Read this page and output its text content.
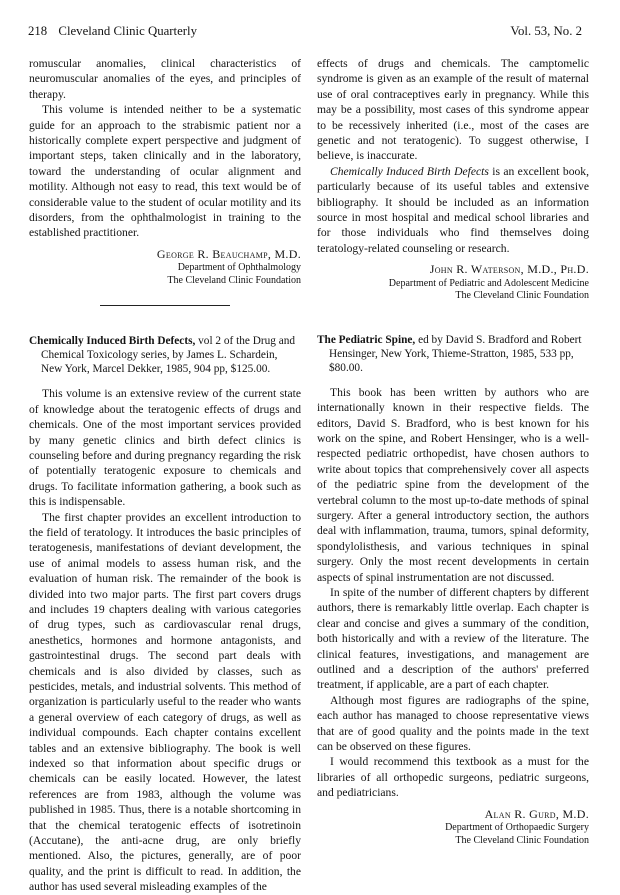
218 Cleveland Clinic Quarterly	Vol. 53, No. 2

romuscular anomalies, clinical characteristics of neuromuscular anomalies of the eyes, and principles of therapy.

This volume is intended neither to be a systematic guide for an approach to the strabismic patient nor a historically complete expert perspective and judgment of important steps, taken clinically and in the laboratory, toward the understanding of ocular alignment and motility. Although not easy to read, this text would be of considerable value to the student of ocular motility and its disorders, from the ophthalmologist in training to the established practitioner.

George R. Beauchamp, M.D.
Department of Ophthalmology
The Cleveland Clinic Foundation
Chemically Induced Birth Defects, vol 2 of the Drug and Chemical Toxicology series, by James L. Schardein, New York, Marcel Dekker, 1985, 904 pp, $125.00.

This volume is an extensive review of the current state of knowledge about the teratogenic effects of drugs and chemicals. One of the most important services provided by many genetic clinics and birth defect clinics is counseling before and during pregnancy regarding the risk of potentially teratogenic exposure to chemicals and drugs. To facilitate information gathering, a book such as this is indispensable.

The first chapter provides an excellent introduction to the field of teratology. It introduces the basic principles of teratogenesis, manifestations of deviant development, the use of animal models to assess human risk, and the evaluation of human risk. The remainder of the book is divided into two major parts. The first part covers drugs and includes 19 chapters dealing with various categories of drug types, such as cardiovascular renal drugs, anesthetics, hormones and hormone antagonists, and gastrointestinal drugs. The second part deals with chemicals and is also divided by classes, such as pesticides, metals, and industrial solvents. This method of organization is particularly useful to the reader who wants a general overview of each category of drugs, as well as individual compounds. Each chapter contains excellent tables and an extensive bibliography. The book is well indexed so that information about specific drugs or chemicals can be easily located. However, the latest references are from 1983, although the volume was published in 1985. Thus, there is a notable shortcoming in that the chemical teratogenic effects of isotretinoin (Accutane), the anti-acne drug, are only briefly mentioned. Also, the pictures, generally, are of poor quality, and the print is difficult to read. In addition, the author has used several misleading examples of the

effects of drugs and chemicals. The camptomelic syndrome is given as an example of the result of maternal use of oral contraceptives early in pregnancy. While this may be a possibility, most cases of this syndrome appear to be recessively inherited (i.e., most of the cases are genetic and not teratogenic). To suggest otherwise, I believe, is inaccurate.

Chemically Induced Birth Defects is an excellent book, particularly because of its useful tables and extensive bibliography. It should be included as an information source in most hospital and medical school libraries and for those individuals who find themselves doing teratology-related counseling or research.

John R. Waterson, M.D., Ph.D.
Department of Pediatric and Adolescent Medicine
The Cleveland Clinic Foundation
The Pediatric Spine, ed by David S. Bradford and Robert Hensinger, New York, Thieme-Stratton, 1985, 533 pp, $80.00.

This book has been written by authors who are internationally known in their respective fields. The editors, David S. Bradford, who is best known for his work on the spine, and Robert Hensinger, who is a well-respected pediatric orthopedist, have chosen authors to write about topics that comprehensively cover all aspects of the pediatric spine from the development of the vertebral column to the most up-to-date methods of spinal surgery. After a general introductory section, the authors deal with inflammation, trauma, tumors, spinal deformity, spondylolisthesis, and various techniques in spinal surgery. Only the most recent developments in certain aspects of spinal instrumentation are not discussed.

In spite of the number of different chapters by different authors, there is remarkably little overlap. Each chapter is clear and concise and gives a summary of the condition, both historically and with a review of the literature. The clinical features, investigations, and management are outlined and a description of the authors' preferred treatment, if applicable, are a part of each chapter.

Although most figures are radiographs of the spine, each author has managed to choose representative views that are of good quality and the points made in the text can be observed on these figures.

I would recommend this textbook as a must for the libraries of all orthopedic surgeons, pediatric surgeons, and pediatricians.

Alan R. Gurd, M.D.
Department of Orthopaedic Surgery
The Cleveland Clinic Foundation
